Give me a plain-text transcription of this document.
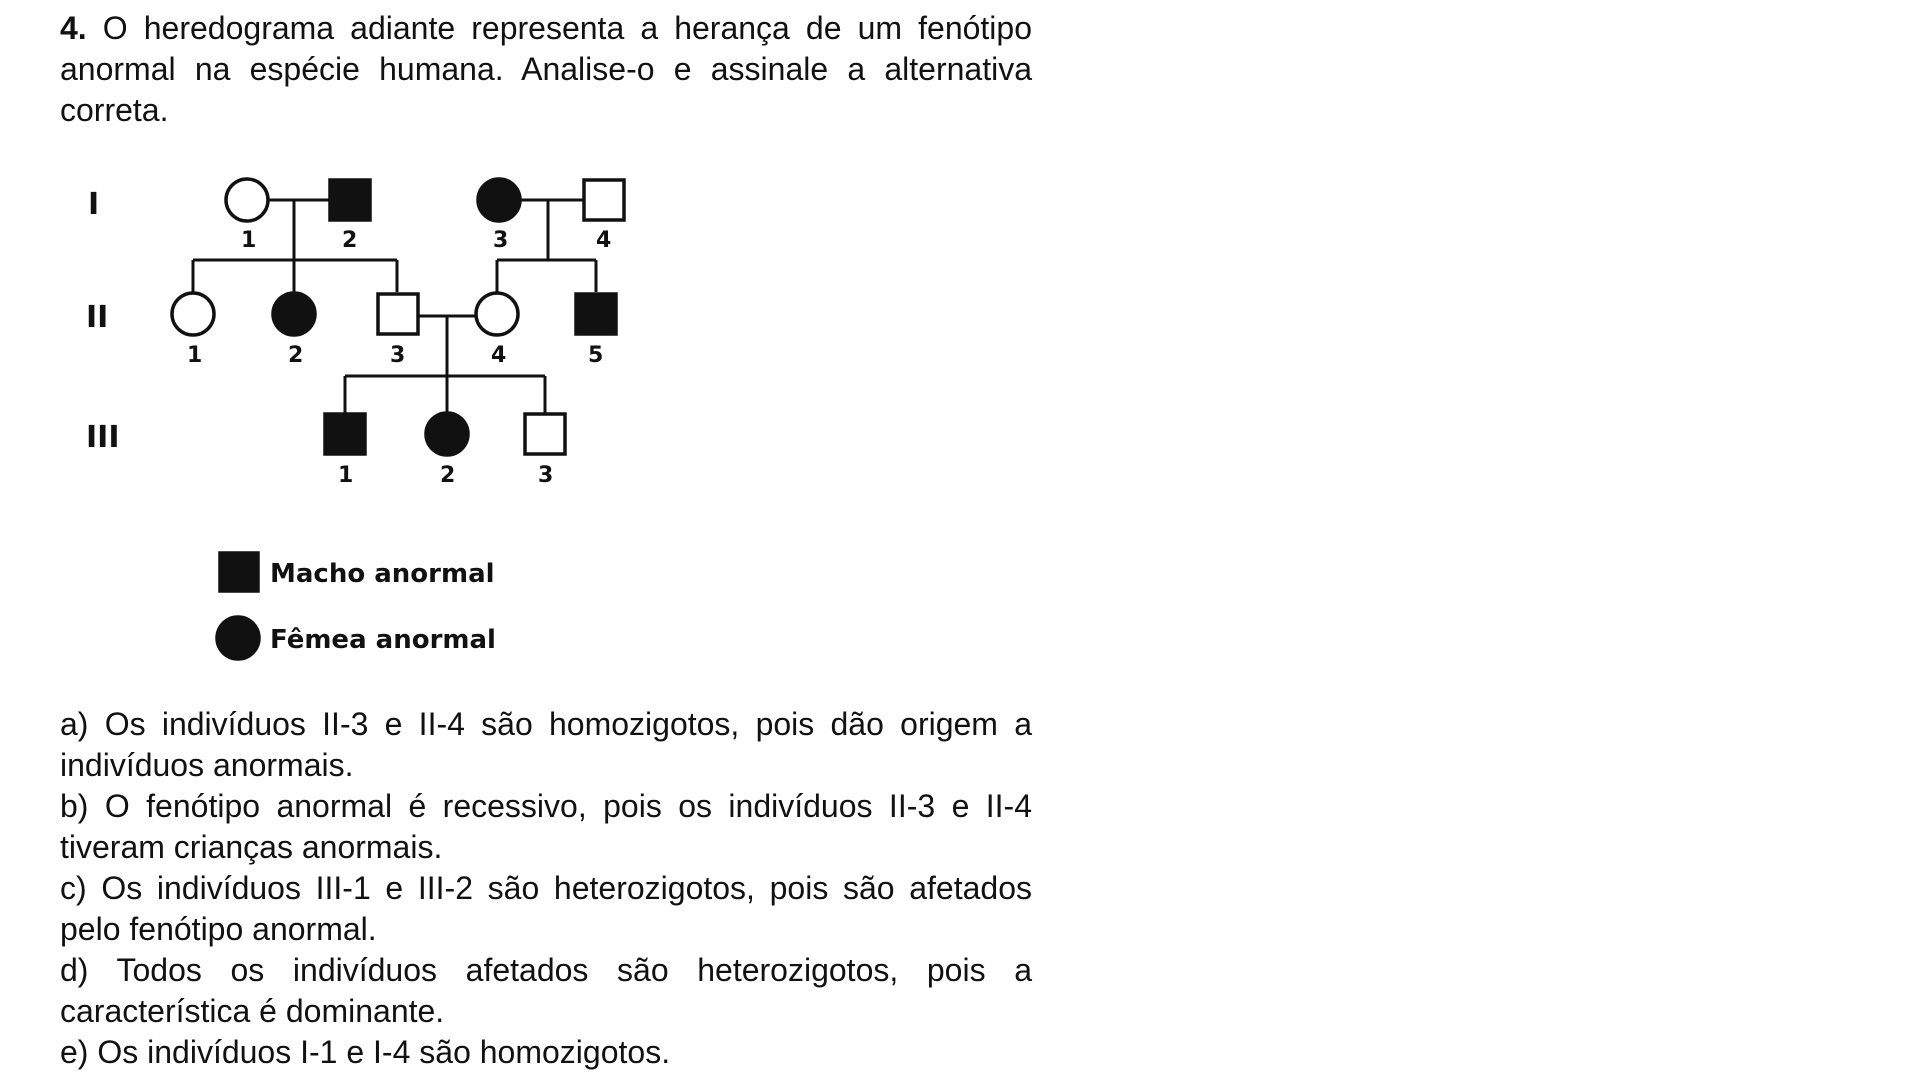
4. O heredograma adiante representa a herança de um fenótipo anormal na espécie humana. Analise-o e assinale a alternativa correta.
I
II
III
1	2	3	4
1	2	3	4	5
1	2	3
Macho anormal
Fêmea anormal

a) Os indivíduos II-3 e II-4 são homozigotos, pois dão origem a indivíduos anormais.

b) O fenótipo anormal é recessivo, pois os indivíduos II-3 e II-4 tiveram crianças anormais.

c) Os indivíduos III-1 e III-2 são heterozigotos, pois são afetados pelo fenótipo anormal.

d) Todos os indivíduos afetados são heterozigotos, pois a característica é dominante.

e) Os indivíduos I-1 e I-4 são homozigotos.
